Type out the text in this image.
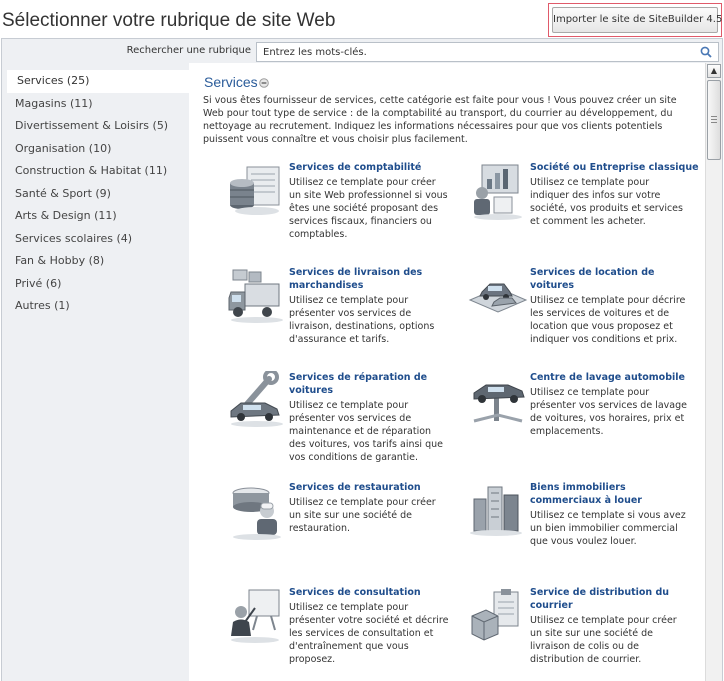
Sélectionner votre rubrique de site Web	Importer le site de SiteBuilder 4.5
Rechercher une rubrique
Entrez les mots-clés.
Services (25)
Magasins (11)
Divertissement & Loisirs (5)
Organisation (10)
Construction & Habitat (11)
Santé & Sport (9)
Arts & Design (11)
Services scolaires (4)
Fan & Hobby (8)
Privé (6)
Autres (1)
Services
Si vous êtes fournisseur de services, cette catégorie est faite pour vous ! Vous pouvez créer un site Web pour tout type de service : de la comptabilité au transport, du courrier au développement, du nettoyage au recrutement. Indiquez les informations nécessaires pour que vos clients potentiels puissent vous connaître et vous choisir plus facilement.
Services de comptabilité
Utilisez ce template pour créer un site Web professionnel si vous êtes une société proposant des services fiscaux, financiers ou comptables.
Société ou Entreprise classique
Utilisez ce template pour indiquer des infos sur votre société, vos produits et services et comment les acheter.
Services de livraison des marchandises
Utilisez ce template pour présenter vos services de livraison, destinations, options d'assurance et tarifs.
Services de location de voitures
Utilisez ce template pour décrire les services de voitures et de location que vous proposez et indiquer vos conditions et prix.
Services de réparation de voitures
Utilisez ce template pour présenter vos services de maintenance et de réparation des voitures, vos tarifs ainsi que vos conditions de garantie.
Centre de lavage automobile
Utilisez ce template pour présenter vos services de lavage de voitures, vos horaires, prix et emplacements.
Services de restauration
Utilisez ce template pour créer un site sur une société de restauration.
Biens immobiliers commerciaux à louer
Utilisez ce template si vous avez un bien immobilier commercial que vous voulez louer.
Services de consultation
Utilisez ce template pour présenter votre société et décrire les services de consultation et d'entraînement que vous proposez.
Service de distribution du courrier
Utilisez ce template pour créer un site sur une société de livraison de colis ou de distribution de courrier.
▲
